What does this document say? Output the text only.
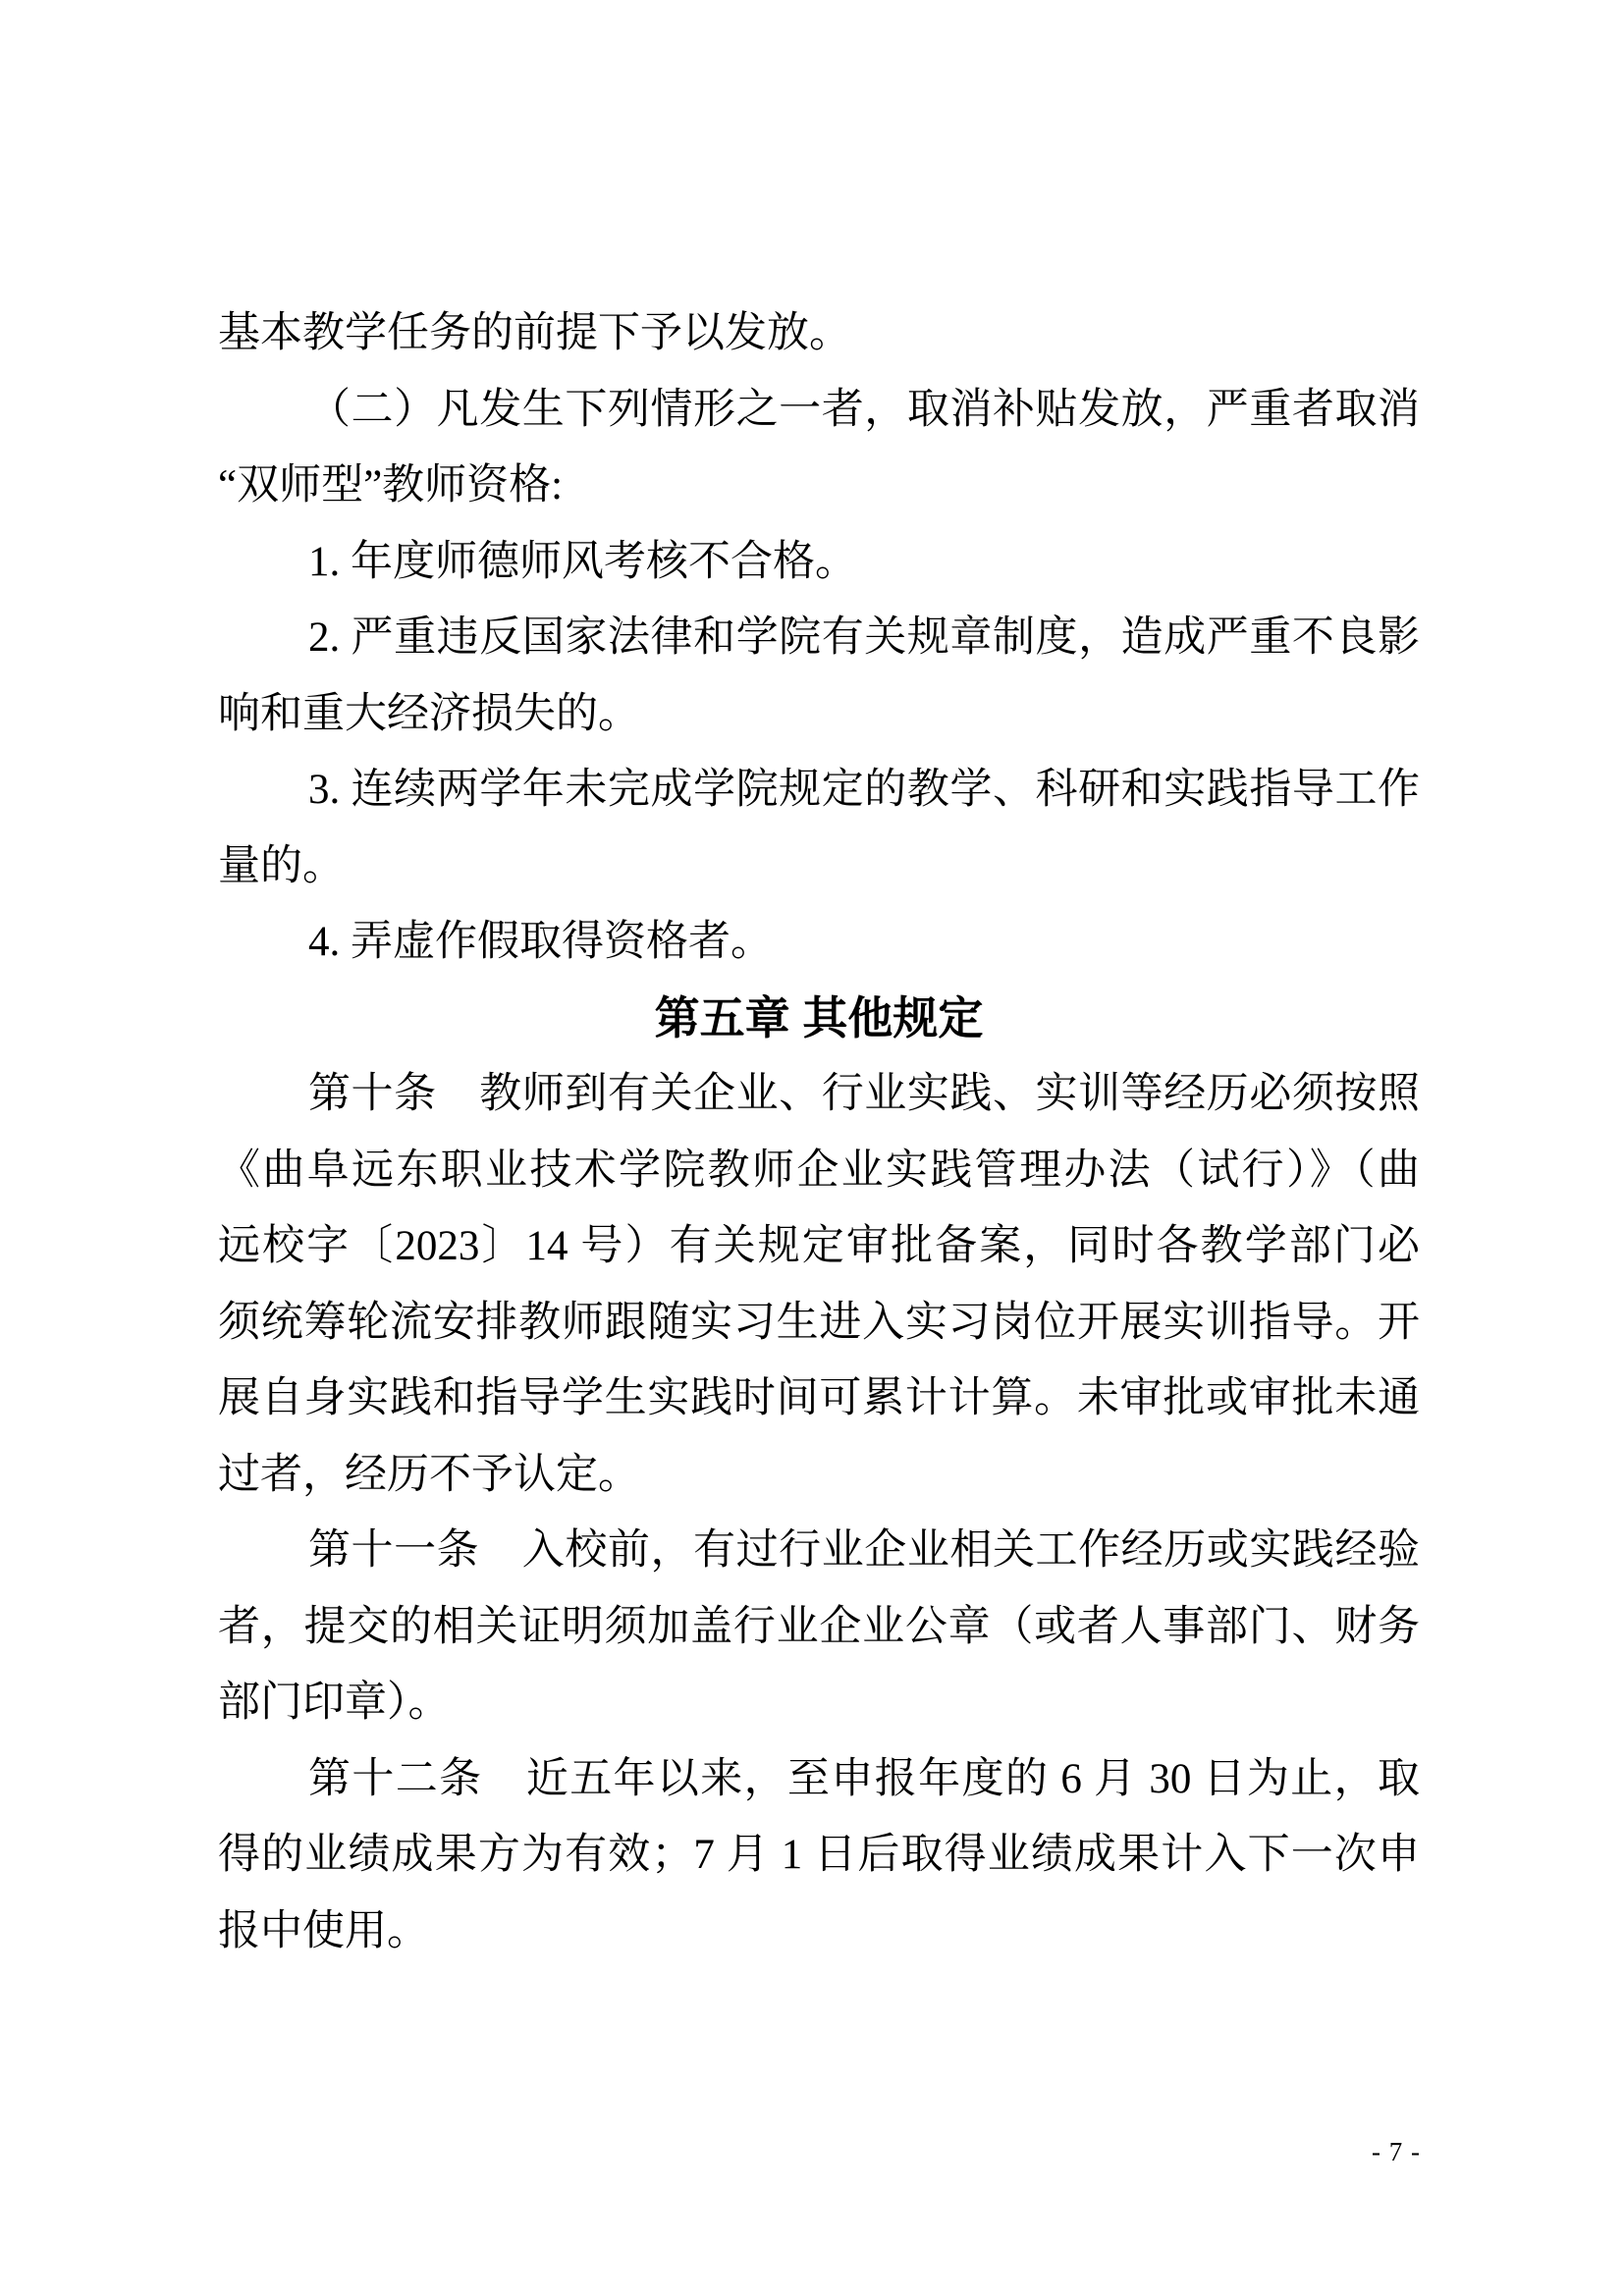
基本教学任务的前提下予以发放。
（二）凡发生下列情形之一者，取消补贴发放，严重者取消
“双师型”教师资格:
1. 年度师德师风考核不合格。
2. 严重违反国家法律和学院有关规章制度，造成严重不良影
响和重大经济损失的。
3. 连续两学年未完成学院规定的教学、科研和实践指导工作
量的。
4. 弄虚作假取得资格者。
第五章 其他规定
第十条　教师到有关企业、行业实践、实训等经历必须按照
《曲阜远东职业技术学院教师企业实践管理办法（试行）》（曲
远校字〔2023〕14 号）有关规定审批备案，同时各教学部门必
须统筹轮流安排教师跟随实习生进入实习岗位开展实训指导。开
展自身实践和指导学生实践时间可累计计算。未审批或审批未通
过者，经历不予认定。
第十一条　入校前，有过行业企业相关工作经历或实践经验
者，提交的相关证明须加盖行业企业公章（或者人事部门、财务
部门印章）。
第十二条　近五年以来，至申报年度的 6 月 30 日为止，取
得的业绩成果方为有效；7 月 1 日后取得业绩成果计入下一次申
报中使用。
- 7 -
